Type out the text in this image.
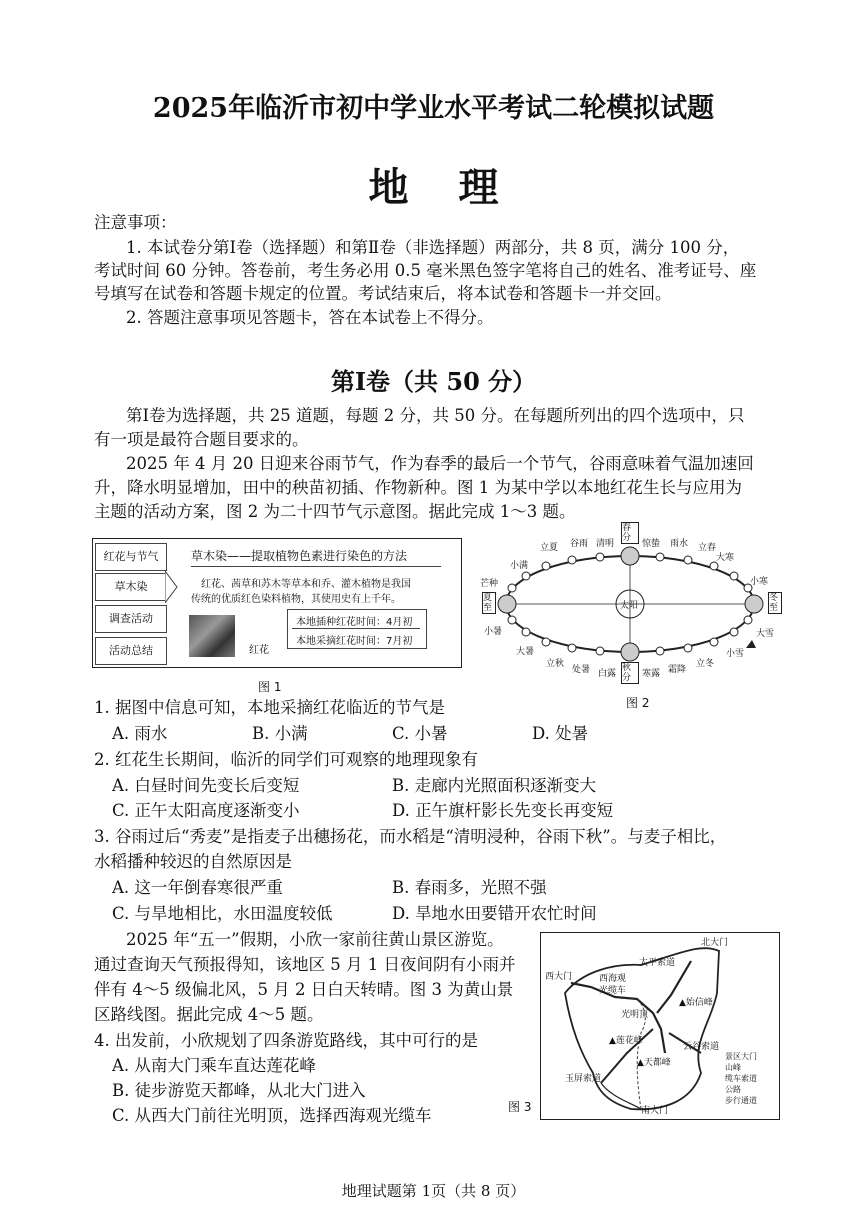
2025年临沂市初中学业水平考试二轮模拟试题
地 理
注意事项：
1. 本试卷分第Ⅰ卷（选择题）和第Ⅱ卷（非选择题）两部分，共 8 页，满分 100 分，
考试时间 60 分钟。答卷前，考生务必用 0.5 毫米黑色签字笔将自己的姓名、准考证号、座
号填写在试卷和答题卡规定的位置。考试结束后，将本试卷和答题卡一并交回。
2. 答题注意事项见答题卡，答在本试卷上不得分。
第Ⅰ卷（共 50 分）
第Ⅰ卷为选择题，共 25 道题，每题 2 分，共 50 分。在每题所列出的四个选项中，只
有一项是最符合题目要求的。
2025 年 4 月 20 日迎来谷雨节气，作为春季的最后一个节气，谷雨意味着气温加速回
升，降水明显增加，田中的秧苗初插、作物新种。图 1 为某中学以本地红花生长与应用为
主题的活动方案，图 2 为二十四节气示意图。据此完成 1～3 题。
红花与节气
草木染
调查活动
活动总结
草木染——提取植物色素进行染色的方法
红花、茜草和苏木等草本和乔、灌木植物是我国
传统的优质红色染料植物，其使用史有上千年。
本地插种红花时间：4月初
本地采摘红花时间：7月初
红花
图 1
太阳
春分
秋分
夏至
冬至
立夏 谷雨 清明	惊蛰 雨水 立春
小满
芒种
大寒
小寒
小暑
大暑
大雪
小雪
立秋
处暑 白露	寒露 霜降
立冬
图 2
1. 据图中信息可知，本地采摘红花临近的节气是
A. 雨水	B. 小满	C. 小暑	D. 处暑
2. 红花生长期间，临沂的同学们可观察的地理现象有
A. 白昼时间先变长后变短	B. 走廊内光照面积逐渐变大
C. 正午太阳高度逐渐变小	D. 正午旗杆影长先变长再变短
3. 谷雨过后“秀麦”是指麦子出穗扬花，而水稻是“清明浸种，谷雨下秋”。与麦子相比，
水稻播种较迟的自然原因是
A. 这一年倒春寒很严重	B. 春雨多，光照不强
C. 与旱地相比，水田温度较低	D. 旱地水田要错开农忙时间
2025 年“五一”假期，小欣一家前往黄山景区游览。
通过查询天气预报得知，该地区 5 月 1 日夜间阴有小雨并
伴有 4～5 级偏北风，5 月 2 日白天转晴。图 3 为黄山景
区路线图。据此完成 4～5 题。
4. 出发前，小欣规划了四条游览路线，其中可行的是
A. 从南大门乘车直达莲花峰
B. 徒步游览天都峰，从北大门进入
C. 从西大门前往光明顶，选择西海观光缆车
北大门
西大门
南大门
太平索道
西海观
光缆车
光明顶
▲始信峰
▲莲花峰
▲天都峰
云谷索道
玉屏索道
景区大门
山峰
缆车索道
公路
步行通道
图 3
地理试题第 1页（共 8 页）
